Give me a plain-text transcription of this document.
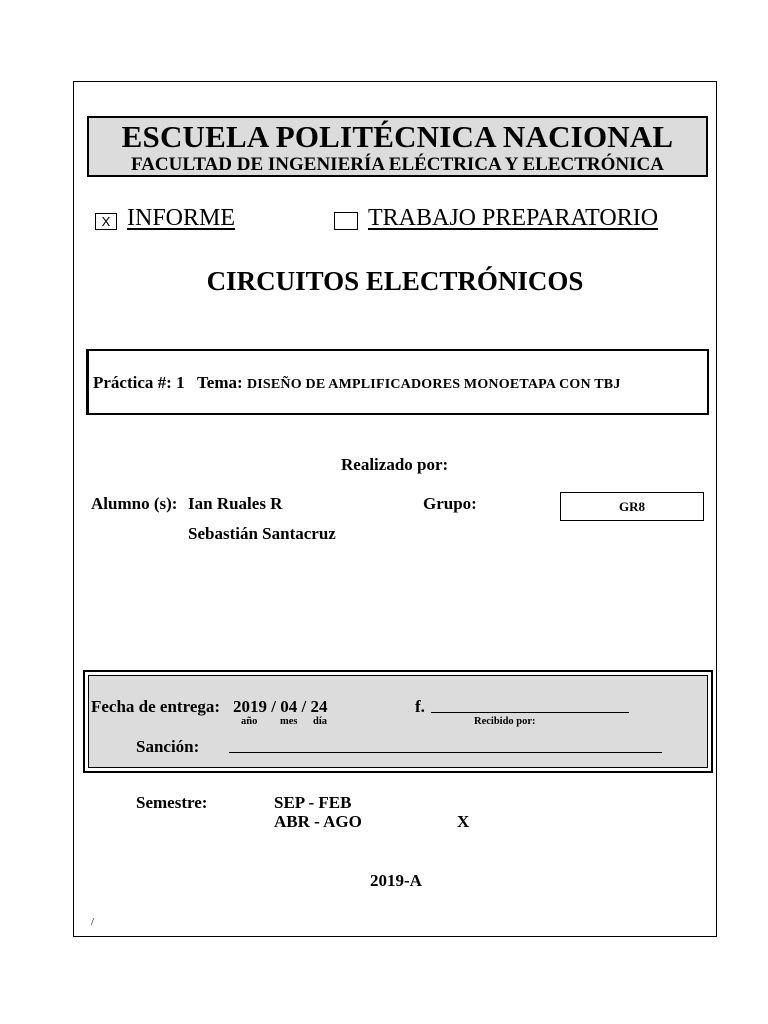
ESCUELA POLITÉCNICA NACIONAL
FACULTAD DE INGENIERÍA ELÉCTRICA Y ELECTRÓNICA
X INFORME	TRABAJO PREPARATORIO
CIRCUITOS ELECTRÓNICOS
Práctica #: 1 Tema: DISEÑO DE AMPLIFICADORES MONOETAPA CON TBJ
Realizado por:
Alumno (s): Ian Ruales R
Sebastián Santacruz
Grupo:	GR8
Fecha de entrega: 2019 / 04 / 24
año mes día
f.
Recibido por:
Sanción:
Semestre:	SEP - FEB
ABR - AGO	X
2019-A
/
